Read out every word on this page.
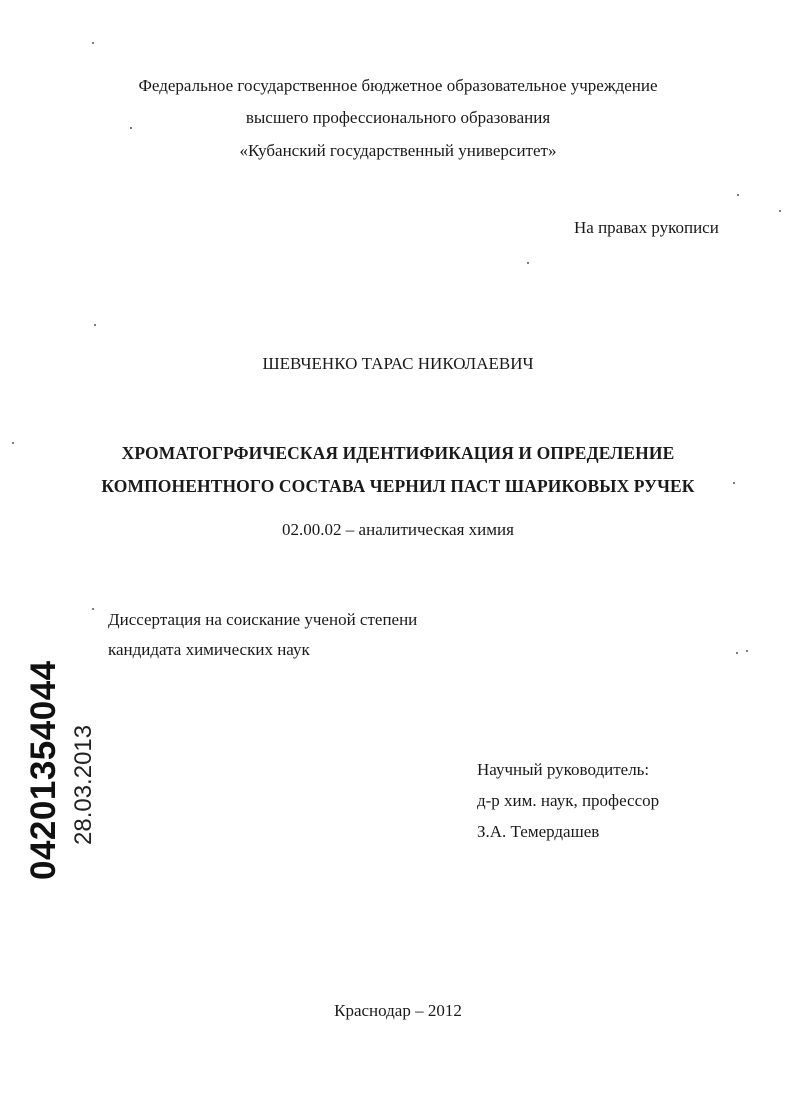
Федеральное государственное бюджетное образовательное учреждение
высшего профессионального образования
«Кубанский государственный университет»
На правах рукописи
ШЕВЧЕНКО ТАРАС НИКОЛАЕВИЧ
ХРОМАТОГРФИЧЕСКАЯ ИДЕНТИФИКАЦИЯ И ОПРЕДЕЛЕНИЕ
КОМПОНЕНТНОГО СОСТАВА ЧЕРНИЛ ПАСТ ШАРИКОВЫХ РУЧЕК
02.00.02 – аналитическая химия
Диссертация на соискание ученой степени
кандидата химических наук
Научный руководитель:
д-р хим. наук, профессор
З.А. Темердашев
Краснодар – 2012
04201354044 28.03.2013
